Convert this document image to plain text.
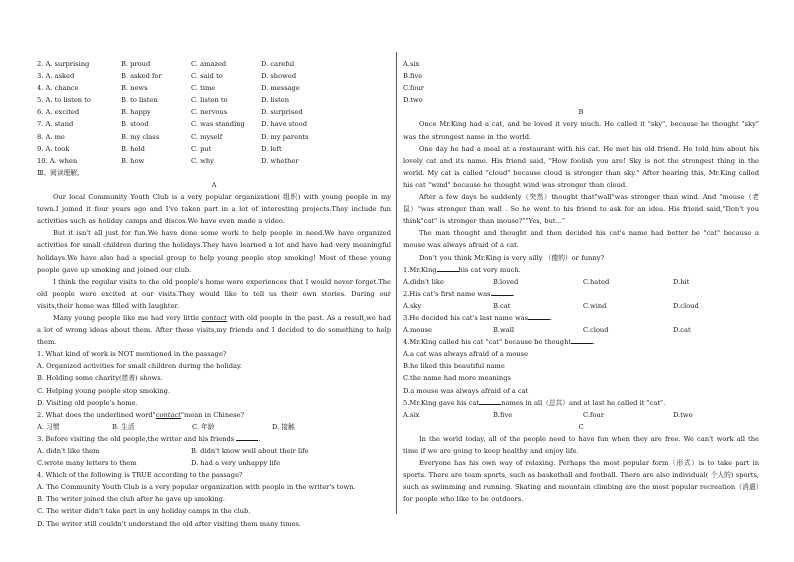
2. A. surprising	B. proud	C. amazed	D. careful
3. A. asked	B. asked for	C. said to	D. showed
4. A. chance	B. news	C. time	D. message
5. A. to listen to	B. to listen	C. listen to	D. listen
6. A. excited	B. happy	C. nervous	D. surprised
7. A. stand	B. stood	C. was standing	D. have stood
8. A. me	B. my class	C. myself	D. my parents
9. A. took	B. held	C. put	D. left
10. A. when	B. how	C. why	D. whether
Ⅲ、阅读理解。
A
Our local Community Youth Club is a very popular organization( 组织) with young people in my town.I joined it four years ago and I've taken part in a lot of interesting projects.They include fun activities such as holiday camps and discos.We have even made a video.
But it isn't all just for fun.We have done some work to help people in need.We have organized activities for small children during the holidays.They have learned a lot and have had very meaningful holidays.We have also had a special group to help young people stop smoking! Most of these young people gave up smoking and joined our club.
I think the regular visits to the old people's home were experiences that I would never forget.The old people were excited at our visits.They would like to tell us their own stories. During our visits,their home was filled with laughter.
Many young people like me had very little contact with old people in the past. As a result,we had a lot of wrong ideas about them. After these visits,my friends and I decided to do something to help them.
1. What kind of work is NOT mentioned in the passage?
A. Organized activities for small children during the holiday.
B. Holding some charity(慈善) shows.
C. Helping young people stop smoking.
D. Visiting old people's home.
2. What does the underlined word"contact"mean in Chinese?
A. 习惯	B. 生活	C. 年龄	D. 接触
3. Before visiting the old people,the writer and his friends	.
A. didn't like them	B. didn't know well about their life
C.wrote many letters to them	D. had a very unhappy life
4. Which of the following is TRUE according to the passage?
A. The Community Youth Club is a very popular organization with people in the writer's town.
B. The writer joined the club after he gave up smoking.
C. The writer didn't take part in any holiday camps in the club.
D. The writer still couldn't understand the old after visiting them many times.
A.six
B.five
C.four
D.two
B
Once Mr.King had a cat, and he loved it very much. He called it "sky", because he thought "sky" was the strongest name in the world.
One day he had a meal at a restaurant with his cat. He met his old friend. He told him about his lovely cat and its name. His friend said, "How foolish you are! Sky is not the strongest thing in the world. My cat is called "cloud" because cloud is stronger than sky." After hearing this, Mr.King called his cat "wind" because he thought wind was stronger than cloud.
After a few days he suddenly（突然）thought that"wall"was stronger than wind. And "mouse（老鼠）"was stronger than wall . So he went to his friend to ask for an idea. His friend said,"Don't you think"cat" is stronger than mouse?""Yes, but..."
The man thought and thought and then decided his cat's name had better be "cat" because a mouse was always afraid of a cat.
Don't you think Mr.King is very silly （傻的）or funny?
1.Mr.King	his cat very much.
A.didn't like	B.loved	C.hated	D.hit
2.His cat's first name was	.
A.sky	B.cat	C.wind	D.cloud
3.He decided his cat's last name was	.
A.mouse	B.wall	C.cloud	D.cat
4.Mr.King called his cat "cat" because he thought	.
A.a cat was always afraid of a mouse
B.he liked this beautiful name
C.the name had more meanings
D.a mouse was always afraid of a cat
5.Mr.King gave his cat	names in all（总共）and at last he called it "cat".
A.six	B.five	C.four	D.two
C
In the world today, all of the people need to have fun when they are free. We can't work all the time if we are going to keep healthy and enjoy life.
Everyone has his own way of relaxing. Perhaps the most popular form（形式）is to take part in sports. There are team sports, such as basketball and football. There are also individual( 个人的) sports, such as swimming and running. Skating and mountain climbing are the most popular recreation（消遣）for people who like to be outdoors.
